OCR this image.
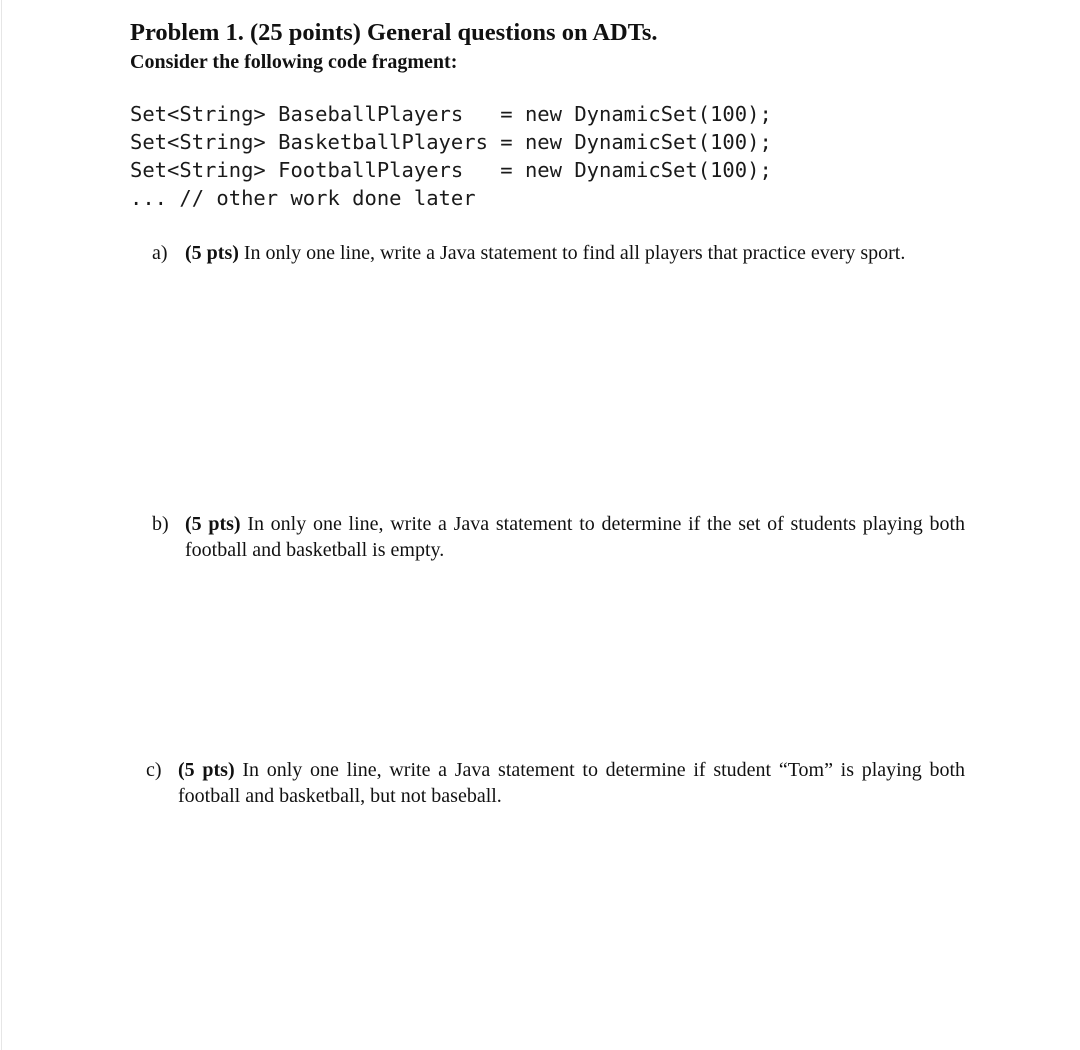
Problem 1. (25 points) General questions on ADTs.
Consider the following code fragment:
Set<String> BaseballPlayers   = new DynamicSet(100);
Set<String> BasketballPlayers = new DynamicSet(100);
Set<String> FootballPlayers   = new DynamicSet(100);
... // other work done later
a) (5 pts) In only one line, write a Java statement to find all players that practice every sport.
b) (5 pts) In only one line, write a Java statement to determine if the set of students playing both football and basketball is empty.
c) (5 pts) In only one line, write a Java statement to determine if student “Tom” is playing both football and basketball, but not baseball.
